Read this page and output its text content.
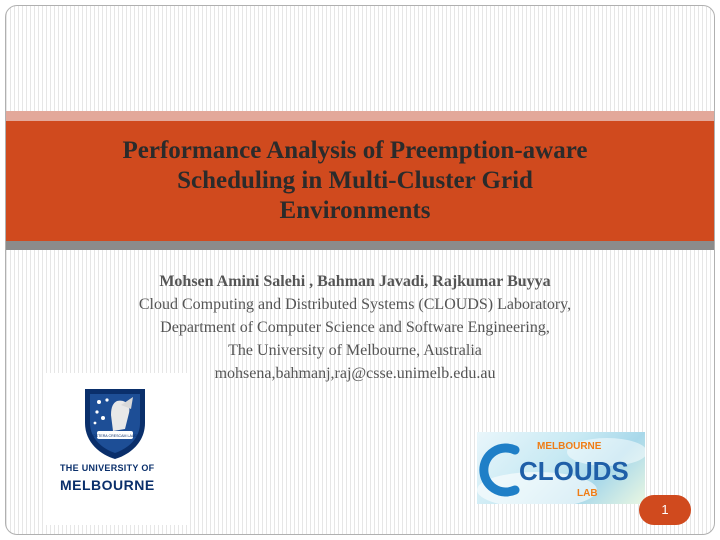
Performance Analysis of Preemption-aware
Scheduling in Multi-Cluster Grid
Environments
Mohsen Amini Salehi , Bahman Javadi, Rajkumar Buyya
Cloud Computing and Distributed Systems (CLOUDS) Laboratory,
Department of Computer Science and Software Engineering,
The University of Melbourne, Australia
mohsena,bahmanj,raj@csse.unimelb.edu.au
POSTERA CRESCAM LAUDE
THE UNIVERSITY OF
MELBOURNE
MELBOURNE
CLOUDS
LAB
1
